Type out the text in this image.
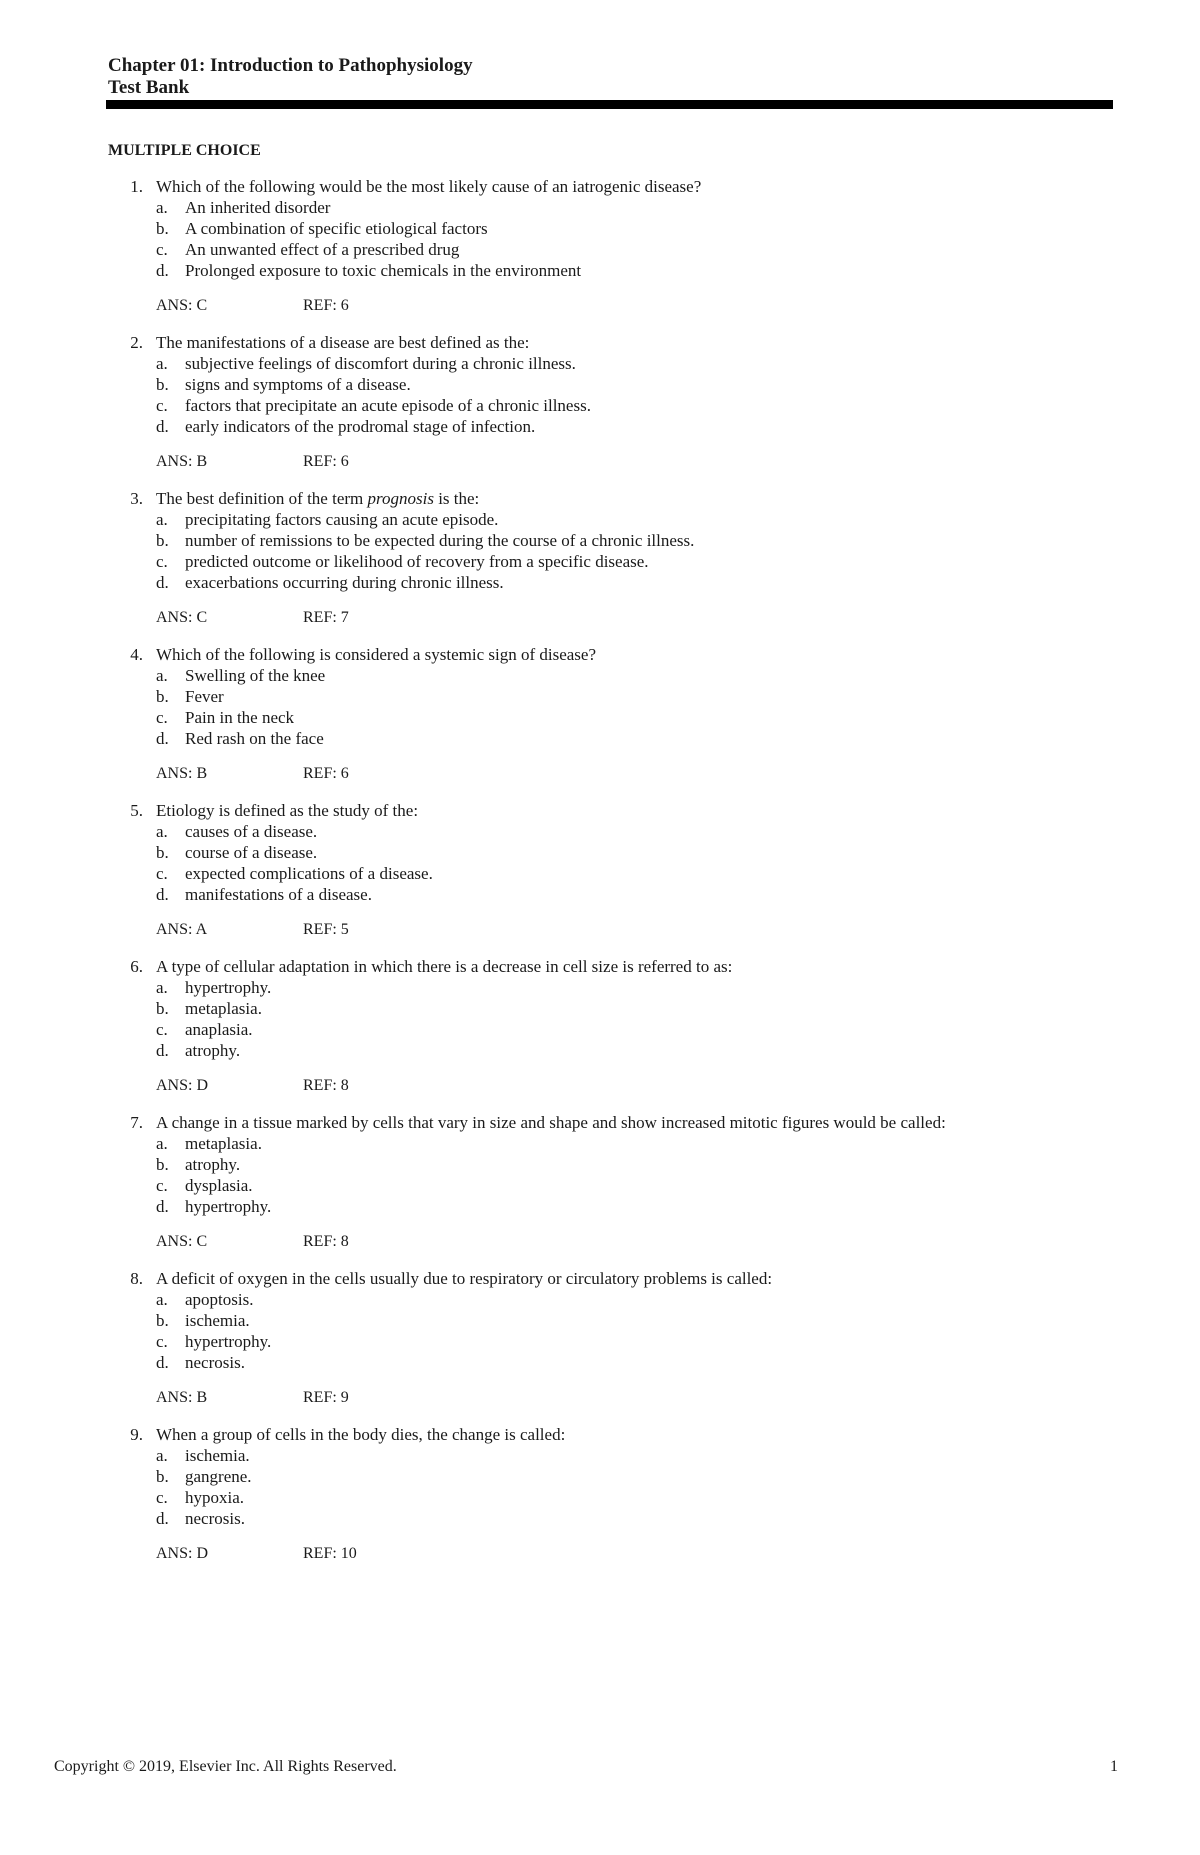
Chapter 01: Introduction to Pathophysiology
Test Bank
MULTIPLE CHOICE
1. Which of the following would be the most likely cause of an iatrogenic disease?
a.	An inherited disorder
b. A combination of specific etiological factors
c.	An unwanted effect of a prescribed drug
d. Prolonged exposure to toxic chemicals in the environment
ANS: C	REF: 6
2. The manifestations of a disease are best defined as the:
a.	subjective feelings of discomfort during a chronic illness.
b. signs and symptoms of a disease.
c.	factors that precipitate an acute episode of a chronic illness.
d. early indicators of the prodromal stage of infection.
ANS: B	REF: 6
3. The best definition of the term prognosis is the:
a.	precipitating factors causing an acute episode.
b. number of remissions to be expected during the course of a chronic illness.
c.	predicted outcome or likelihood of recovery from a specific disease.
d. exacerbations occurring during chronic illness.
ANS: C	REF: 7
4. Which of the following is considered a systemic sign of disease?
a.	Swelling of the knee
b. Fever
c.	Pain in the neck
d. Red rash on the face
ANS: B	REF: 6
5. Etiology is defined as the study of the:
a.	causes of a disease.
b. course of a disease.
c.	expected complications of a disease.
d. manifestations of a disease.
ANS: A	REF: 5
6. A type of cellular adaptation in which there is a decrease in cell size is referred to as:
a.	hypertrophy.
b. metaplasia.
c.	anaplasia.
d. atrophy.
ANS: D	REF: 8
7. A change in a tissue marked by cells that vary in size and shape and show increased mitotic figures would be called:
a.	metaplasia.
b. atrophy.
c.	dysplasia.
d. hypertrophy.
ANS: C	REF: 8
8. A deficit of oxygen in the cells usually due to respiratory or circulatory problems is called:
a.	apoptosis.
b. ischemia.
c.	hypertrophy.
d. necrosis.
ANS: B	REF: 9
9. When a group of cells in the body dies, the change is called:
a.	ischemia.
b. gangrene.
c.	hypoxia.
d. necrosis.
ANS: D	REF: 10
Copyright © 2019, Elsevier Inc. All Rights Reserved.	1
